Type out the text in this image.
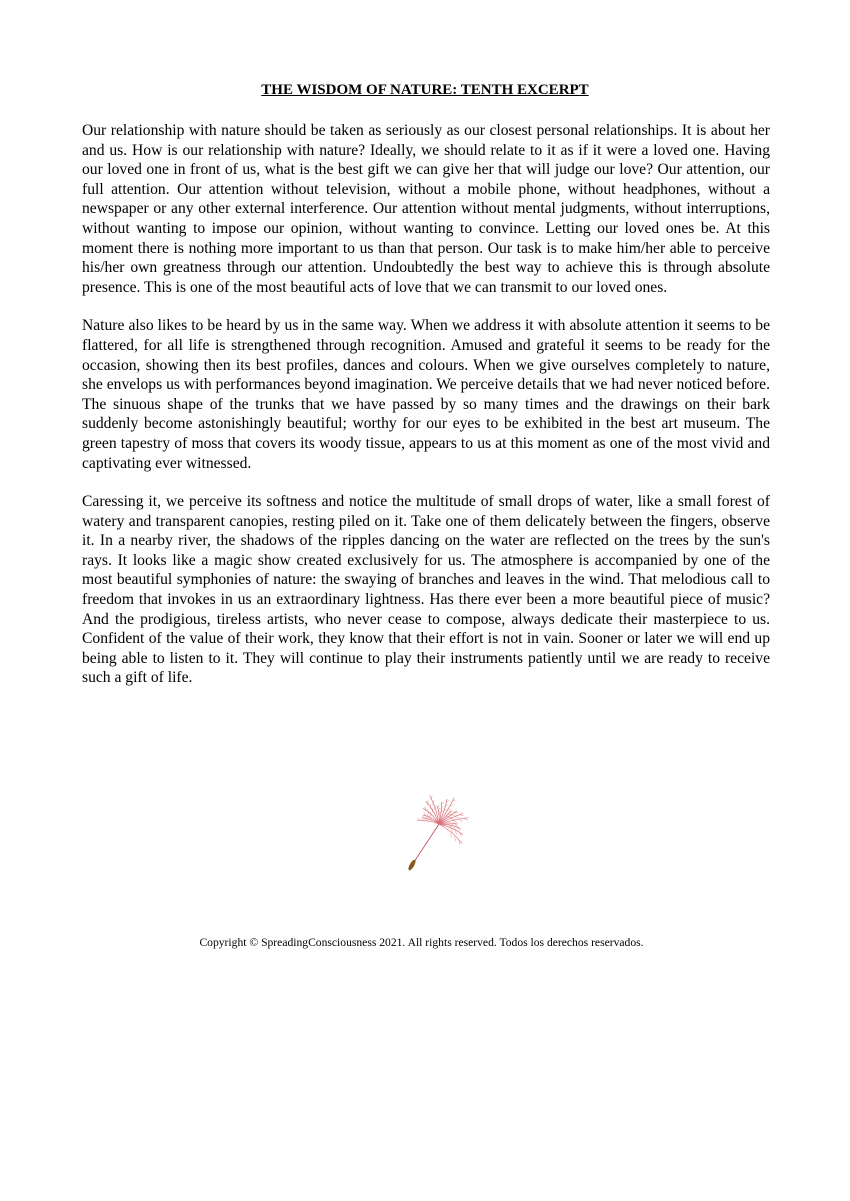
THE WISDOM OF NATURE: TENTH EXCERPT

Our relationship with nature should be taken as seriously as our closest personal relationships. It is about her and us. How is our relationship with nature? Ideally, we should relate to it as if it were a loved one. Having our loved one in front of us, what is the best gift we can give her that will judge our love? Our attention, our full attention. Our attention without television, without a mobile phone, without headphones, without a newspaper or any other external interference. Our attention without mental judgments, without interruptions, without wanting to impose our opinion, without wanting to convince. Letting our loved ones be. At this moment there is nothing more important to us than that person. Our task is to make him/her able to perceive his/her own greatness through our attention. Undoubtedly the best way to achieve this is through absolute presence. This is one of the most beautiful acts of love that we can transmit to our loved ones.

Nature also likes to be heard by us in the same way. When we address it with absolute attention it seems to be flattered, for all life is strengthened through recognition. Amused and grateful it seems to be ready for the occasion, showing then its best profiles, dances and colours. When we give ourselves completely to nature, she envelops us with performances beyond imagination. We perceive details that we had never noticed before. The sinuous shape of the trunks that we have passed by so many times and the drawings on their bark suddenly become astonishingly beautiful; worthy for our eyes to be exhibited in the best art museum. The green tapestry of moss that covers its woody tissue, appears to us at this moment as one of the most vivid and captivating ever witnessed.

Caressing it, we perceive its softness and notice the multitude of small drops of water, like a small forest of watery and transparent canopies, resting piled on it. Take one of them delicately between the fingers, observe it. In a nearby river, the shadows of the ripples dancing on the water are reflected on the trees by the sun's rays. It looks like a magic show created exclusively for us. The atmosphere is accompanied by one of the most beautiful symphonies of nature: the swaying of branches and leaves in the wind. That melodious call to freedom that invokes in us an extraordinary lightness. Has there ever been a more beautiful piece of music? And the prodigious, tireless artists, who never cease to compose, always dedicate their masterpiece to us. Confident of the value of their work, they know that their effort is not in vain. Sooner or later we will end up being able to listen to it. They will continue to play their instruments patiently until we are ready to receive such a gift of life.

Copyright © SpreadingConsciousness 2021. All rights reserved. Todos los derechos reservados.
